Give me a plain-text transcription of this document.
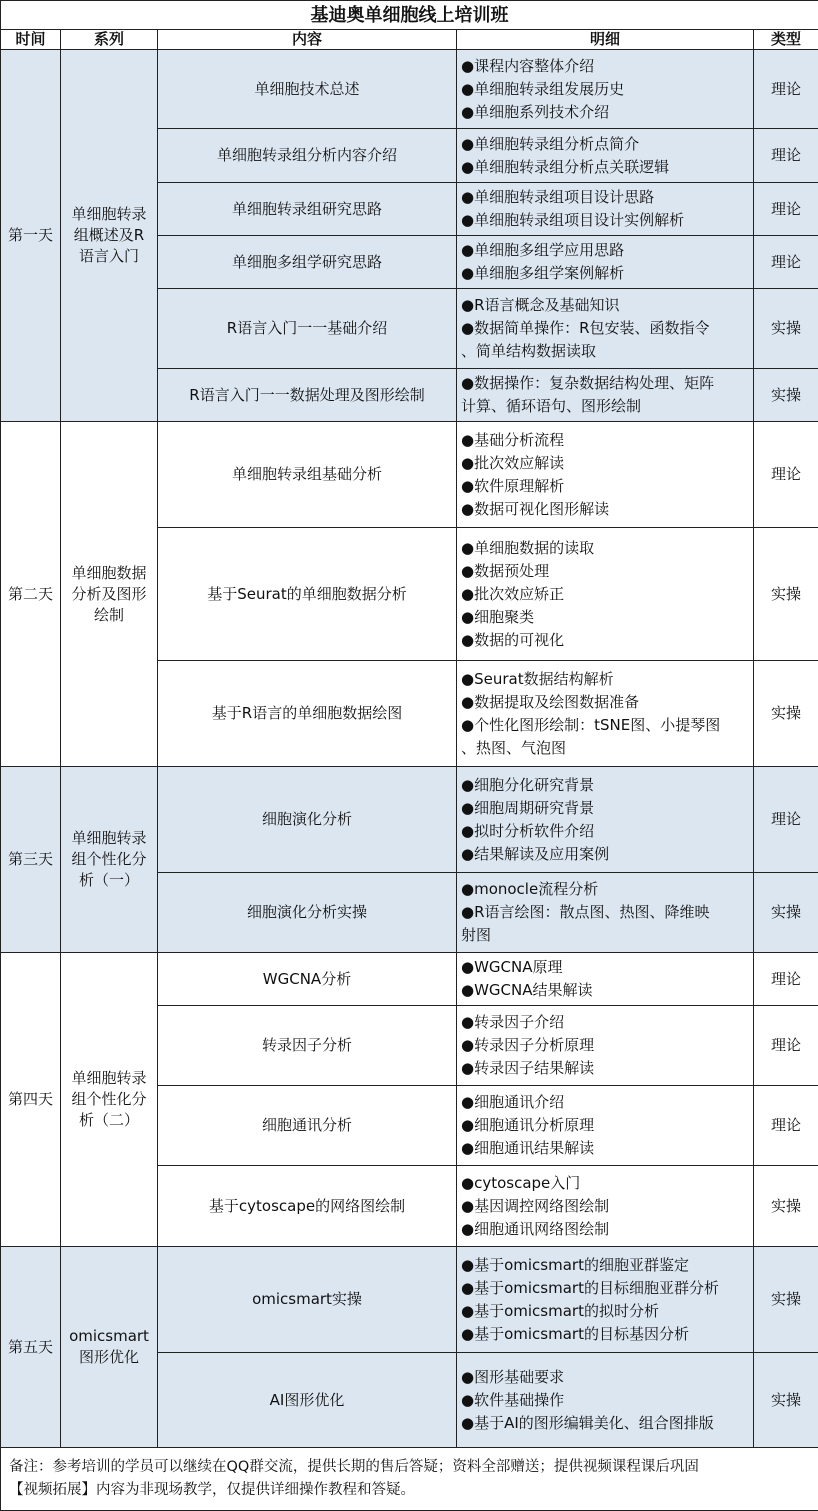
基迪奥单细胞线上培训班				
时间	系列	内容	明细	类型
第一天	单细胞转录组概述及R语言入门	单细胞技术总述	●课程内容整体介绍
●单细胞转录组发展历史
●单细胞系列技术介绍	理论
		单细胞转录组分析内容介绍	●单细胞转录组分析点简介
●单细胞转录组分析点关联逻辑	理论
		单细胞转录组研究思路	●单细胞转录组项目设计思路
●单细胞转录组项目设计实例解析	理论
		单细胞多组学研究思路	●单细胞多组学应用思路
●单细胞多组学案例解析	理论
		R语言入门一一基础介绍	●R语言概念及基础知识
●数据简单操作：R包安装、函数指令
、简单结构数据读取	实操
		R语言入门一一数据处理及图形绘制	●数据操作：复杂数据结构处理、矩阵
计算、循环语句、图形绘制	实操
第二天	单细胞数据分析及图形绘制	单细胞转录组基础分析	●基础分析流程
●批次效应解读
●软件原理解析
●数据可视化图形解读	理论
		基于Seurat的单细胞数据分析	●单细胞数据的读取
●数据预处理
●批次效应矫正
●细胞聚类
●数据的可视化	实操
		基于R语言的单细胞数据绘图	●Seurat数据结构解析
●数据提取及绘图数据准备
●个性化图形绘制：tSNE图、小提琴图
、热图、气泡图	实操
第三天	单细胞转录组个性化分析（一）	细胞演化分析	●细胞分化研究背景
●细胞周期研究背景
●拟时分析软件介绍
●结果解读及应用案例	理论
		细胞演化分析实操	●monocle流程分析
●R语言绘图：散点图、热图、降维映
射图	实操
第四天	单细胞转录组个性化分析（二）	WGCNA分析	●WGCNA原理
●WGCNA结果解读	理论
		转录因子分析	●转录因子介绍
●转录因子分析原理
●转录因子结果解读	理论
		细胞通讯分析	●细胞通讯介绍
●细胞通讯分析原理
●细胞通讯结果解读	理论
		基于cytoscape的网络图绘制	●cytoscape入门
●基因调控网络图绘制
●细胞通讯网络图绘制	实操
第五天	omicsmart图形优化	omicsmart实操	●基于omicsmart的细胞亚群鉴定
●基于omicsmart的目标细胞亚群分析
●基于omicsmart的拟时分析
●基于omicsmart的目标基因分析	实操
		AI图形优化	●图形基础要求
●软件基础操作
●基于AI的图形编辑美化、组合图排版	实操

备注：参考培训的学员可以继续在QQ群交流，提供长期的售后答疑；资料全部赠送；提供视频课程课后巩固
【视频拓展】内容为非现场教学，仅提供详细操作教程和答疑。				
